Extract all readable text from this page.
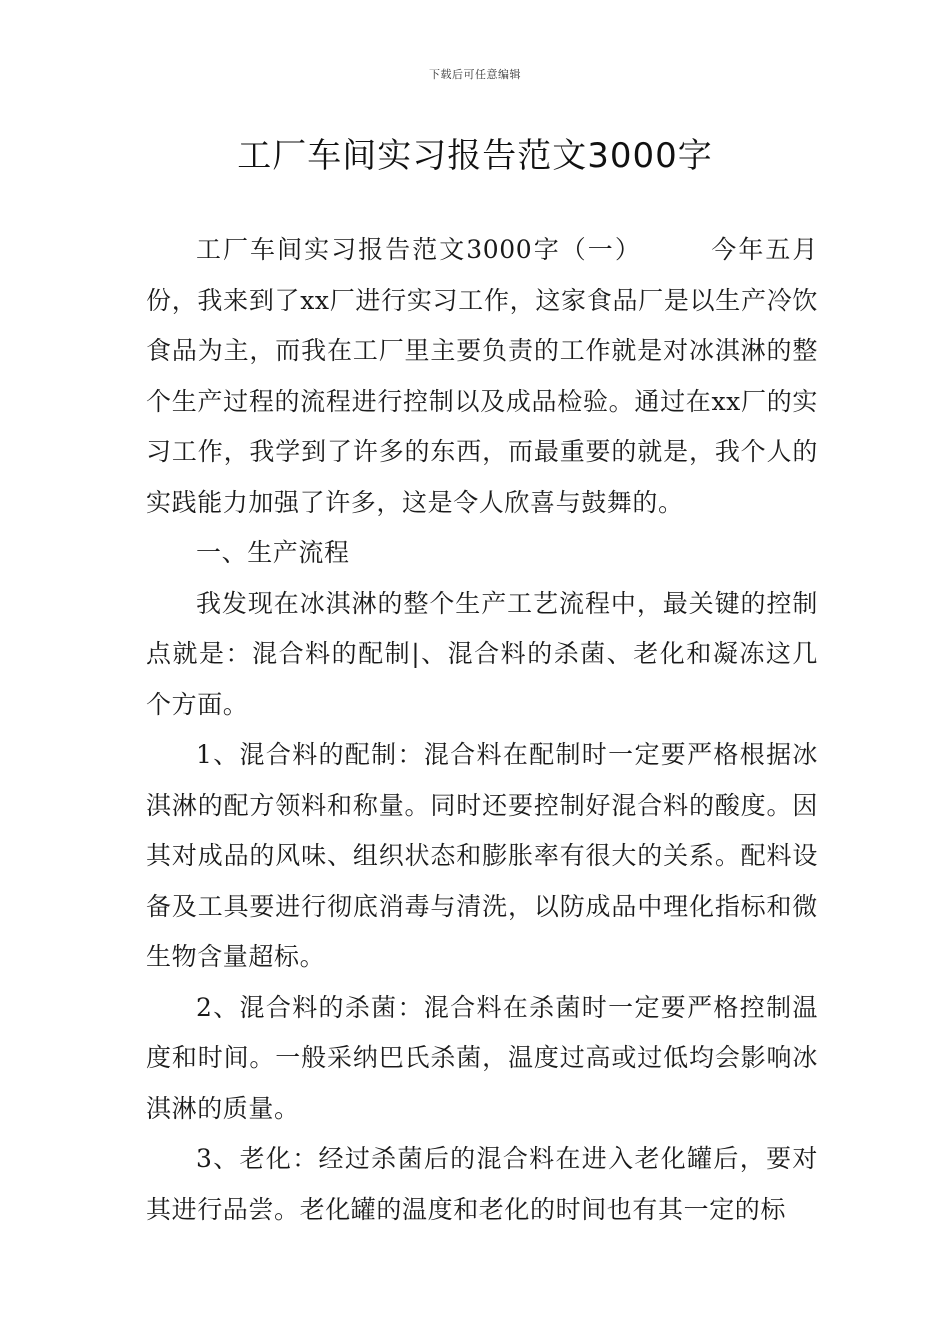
下载后可任意编辑
工厂车间实习报告范文3000字

工厂车间实习报告范文3000字（一）	今年五月份，我来到了xx厂进行实习工作，这家食品厂是以生产冷饮食品为主，而我在工厂里主要负责的工作就是对冰淇淋的整个生产过程的流程进行控制以及成品检验。通过在xx厂的实习工作，我学到了许多的东西，而最重要的就是，我个人的实践能力加强了许多，这是令人欣喜与鼓舞的。

一、生产流程

我发现在冰淇淋的整个生产工艺流程中，最关键的控制点就是：混合料的配制|、混合料的杀菌、老化和凝冻这几个方面。

1、混合料的配制：混合料在配制时一定要严格根据冰淇淋的配方领料和称量。同时还要控制好混合料的酸度。因其对成品的风味、组织状态和膨胀率有很大的关系。配料设备及工具要进行彻底消毒与清洗，以防成品中理化指标和微生物含量超标。

2、混合料的杀菌：混合料在杀菌时一定要严格控制温度和时间。一般采纳巴氏杀菌，温度过高或过低均会影响冰淇淋的质量。

3、老化：经过杀菌后的混合料在进入老化罐后，要对其进行品尝。老化罐的温度和老化的时间也有其一定的标
